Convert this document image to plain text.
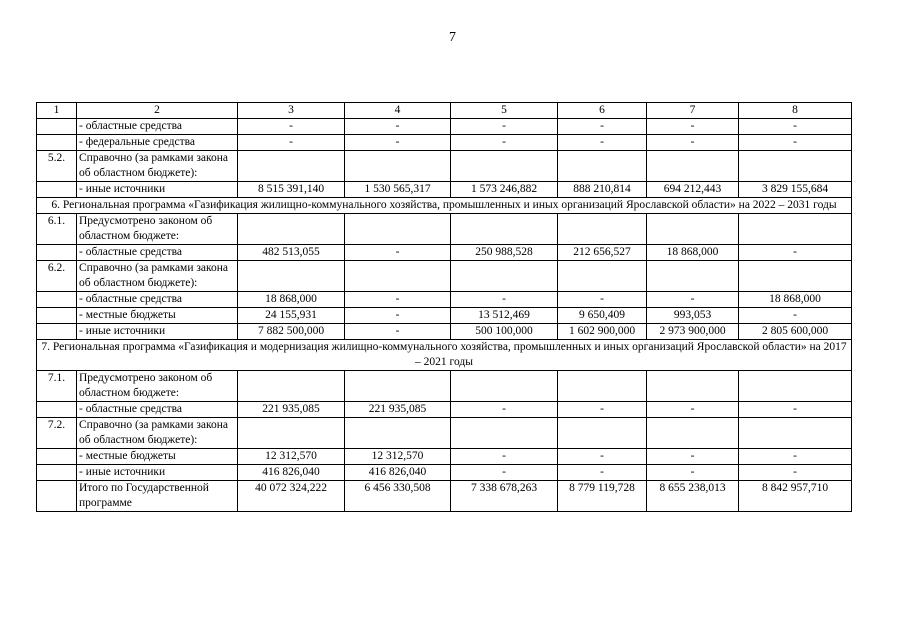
7
1	2	3	4	5	6	7	8
	- областные средства	-	-	-	-	-	-
	- федеральные средства	-	-	-	-	-	-
5.2.	Справочно (за рамками закона об областном бюджете):						
	- иные источники	8 515 391,140	1 530 565,317	1 573 246,882	888 210,814	694 212,443	3 829 155,684
6. Региональная программа «Газификация жилищно-коммунального хозяйства, промышленных и иных организаций Ярославской области» на 2022 – 2031 годы							
6.1.	Предусмотрено законом об областном бюджете:						
	- областные средства	482 513,055	-	250 988,528	212 656,527	18 868,000	-
6.2.	Справочно (за рамками закона об областном бюджете):						
	- областные средства	18 868,000	-	-	-	-	18 868,000
	- местные бюджеты	24 155,931	-	13 512,469	9 650,409	993,053	-
	- иные источники	7 882 500,000	-	500 100,000	1 602 900,000	2 973 900,000	2 805 600,000
7. Региональная программа «Газификация и модернизация жилищно-коммунального хозяйства, промышленных и иных организаций Ярославской области» на 2017 – 2021 годы							
7.1.	Предусмотрено законом об областном бюджете:						
	- областные средства	221 935,085	221 935,085	-	-	-	-
7.2.	Справочно (за рамками закона об областном бюджете):						
	- местные бюджеты	12 312,570	12 312,570	-	-	-	-
	- иные источники	416 826,040	416 826,040	-	-	-	-
	Итого по Государственной программе	40 072 324,222	6 456 330,508	7 338 678,263	8 779 119,728	8 655 238,013	8 842 957,710
